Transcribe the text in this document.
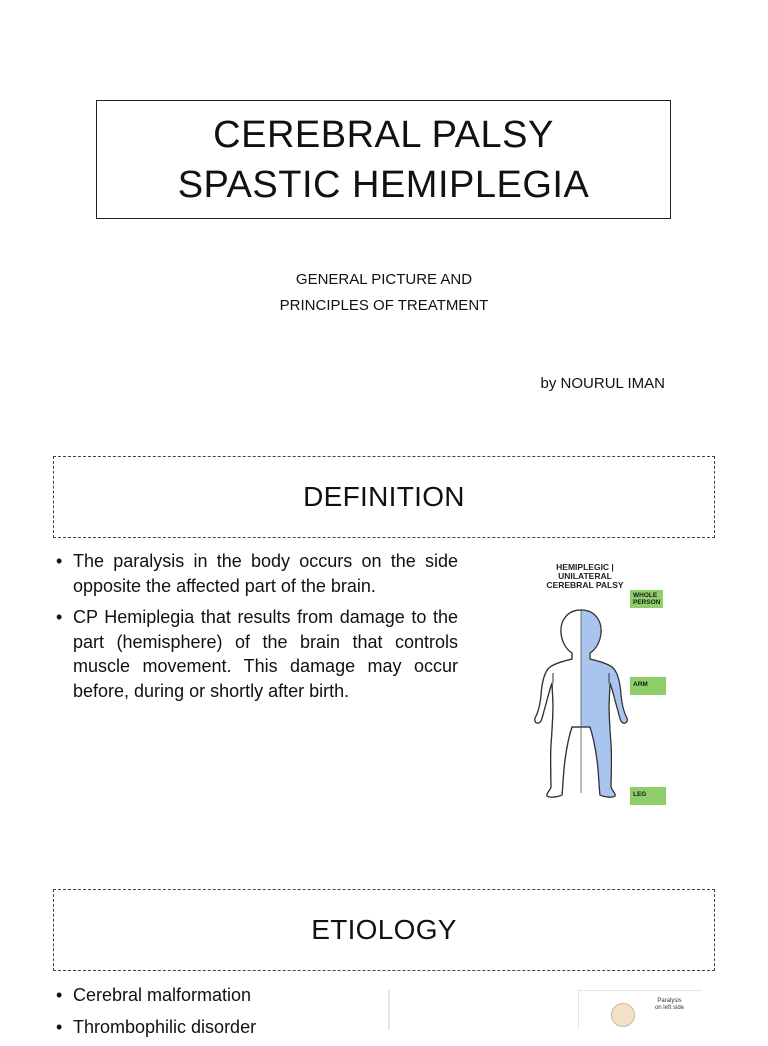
CEREBRAL PALSY
SPASTIC HEMIPLEGIA
GENERAL PICTURE AND
PRINCIPLES OF TREATMENT
by NOURUL IMAN
DEFINITION
• The paralysis in the body occurs on the side opposite the affected part of the brain.
• CP Hemiplegia that results from damage to the part (hemisphere) of the brain that controls muscle movement. This damage may occur before, during or shortly after birth.
HEMIPLEGIC |
UNILATERAL
CEREBRAL PALSY
WHOLE
PERSON
ARM
LEG
ETIOLOGY
• Cerebral malformation
• Thrombophilic disorder
Paralysis
on left side
